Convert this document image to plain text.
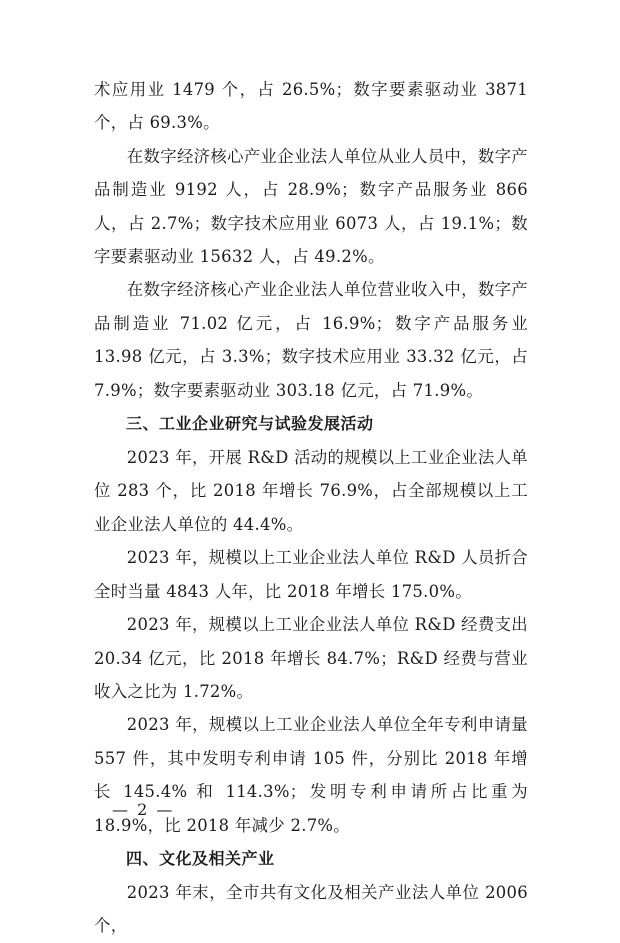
术应用业 1479 个，占 26.5%；数字要素驱动业 3871 个，占 69.3%。

在数字经济核心产业企业法人单位从业人员中，数字产品制造业 9192 人，占 28.9%；数字产品服务业 866 人，占 2.7%；数字技术应用业 6073 人，占 19.1%；数字要素驱动业 15632 人，占 49.2%。

在数字经济核心产业企业法人单位营业收入中，数字产品制造业 71.02 亿元，占 16.9%；数字产品服务业 13.98 亿元，占 3.3%；数字技术应用业 33.32 亿元，占 7.9%；数字要素驱动业 303.18 亿元，占 71.9%。

三、工业企业研究与试验发展活动

2023 年，开展 R&D 活动的规模以上工业企业法人单位 283 个，比 2018 年增长 76.9%，占全部规模以上工业企业法人单位的 44.4%。

2023 年，规模以上工业企业法人单位 R&D 人员折合全时当量 4843 人年，比 2018 年增长 175.0%。

2023 年，规模以上工业企业法人单位 R&D 经费支出 20.34 亿元，比 2018 年增长 84.7%；R&D 经费与营业收入之比为 1.72%。

2023 年，规模以上工业企业法人单位全年专利申请量 557 件，其中发明专利申请 105 件，分别比 2018 年增长 145.4% 和 114.3%；发明专利申请所占比重为 18.9%，比 2018 年减少 2.7%。

四、文化及相关产业

2023 年末，全市共有文化及相关产业法人单位 2006 个，

— 2 —
